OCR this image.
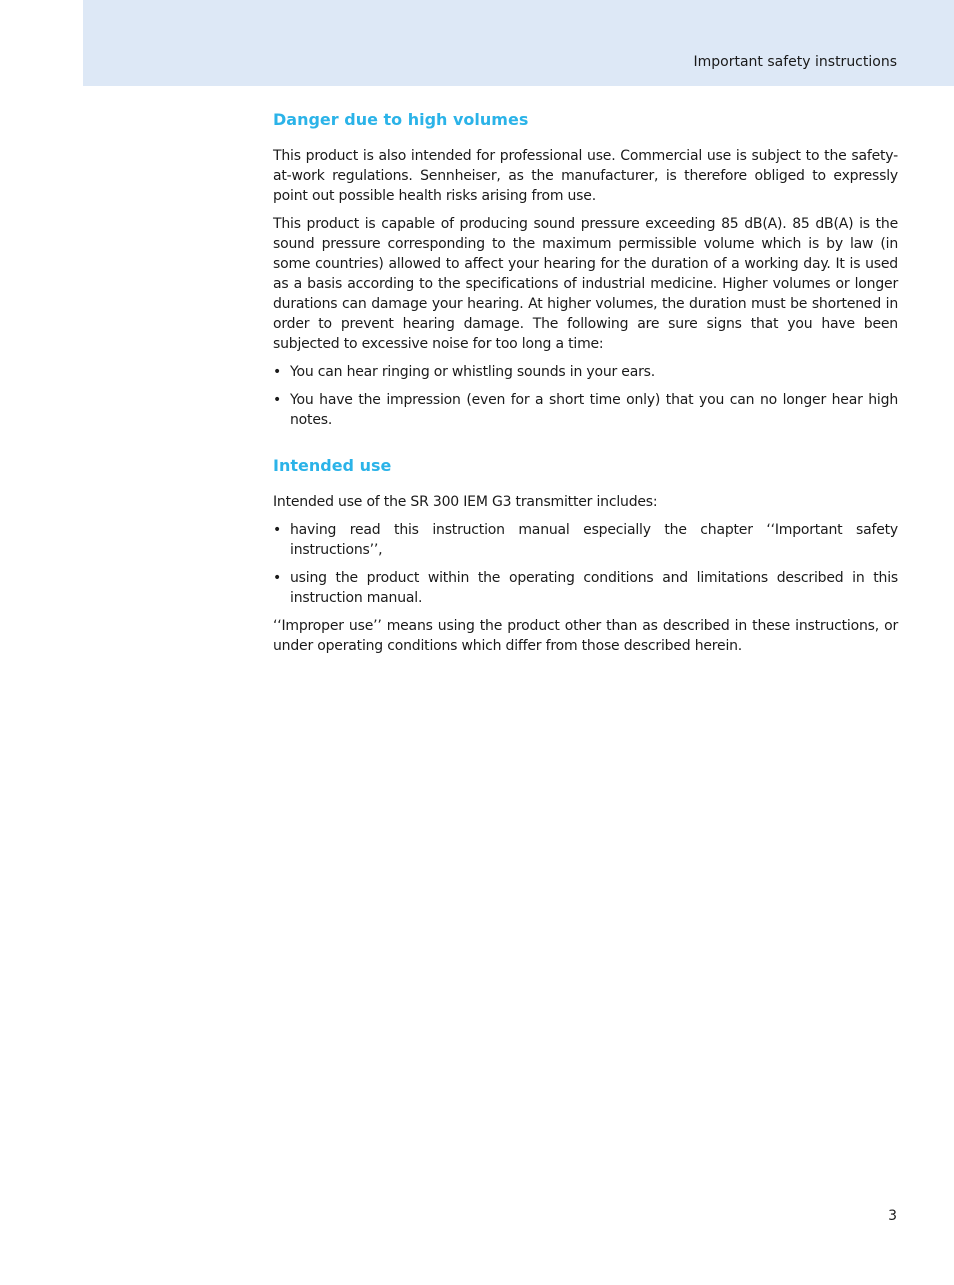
Important safety instructions
Danger due to high volumes

This product is also intended for professional use. Commercial use is subject to the safety-at-work regulations. Sennheiser, as the manufacturer, is therefore obliged to expressly point out possible health risks arising from use.

This product is capable of producing sound pressure exceeding 85 dB(A). 85 dB(A) is the sound pressure corresponding to the maximum permissible volume which is by law (in some countries) allowed to affect your hearing for the duration of a working day. It is used as a basis according to the specifications of industrial medicine. Higher volumes or longer durations can damage your hearing. At higher volumes, the duration must be shortened in order to prevent hearing damage. The following are sure signs that you have been subjected to excessive noise for too long a time:

• You can hear ringing or whistling sounds in your ears.
• You have the impression (even for a short time only) that you can no longer hear high notes.
Intended use

Intended use of the SR 300 IEM G3 transmitter includes:

• having read this instruction manual especially the chapter ‘‘Important safety instructions’’,
• using the product within the operating conditions and limitations described in this instruction manual.

‘‘Improper use’’ means using the product other than as described in these instructions, or under operating conditions which differ from those described herein.

3
